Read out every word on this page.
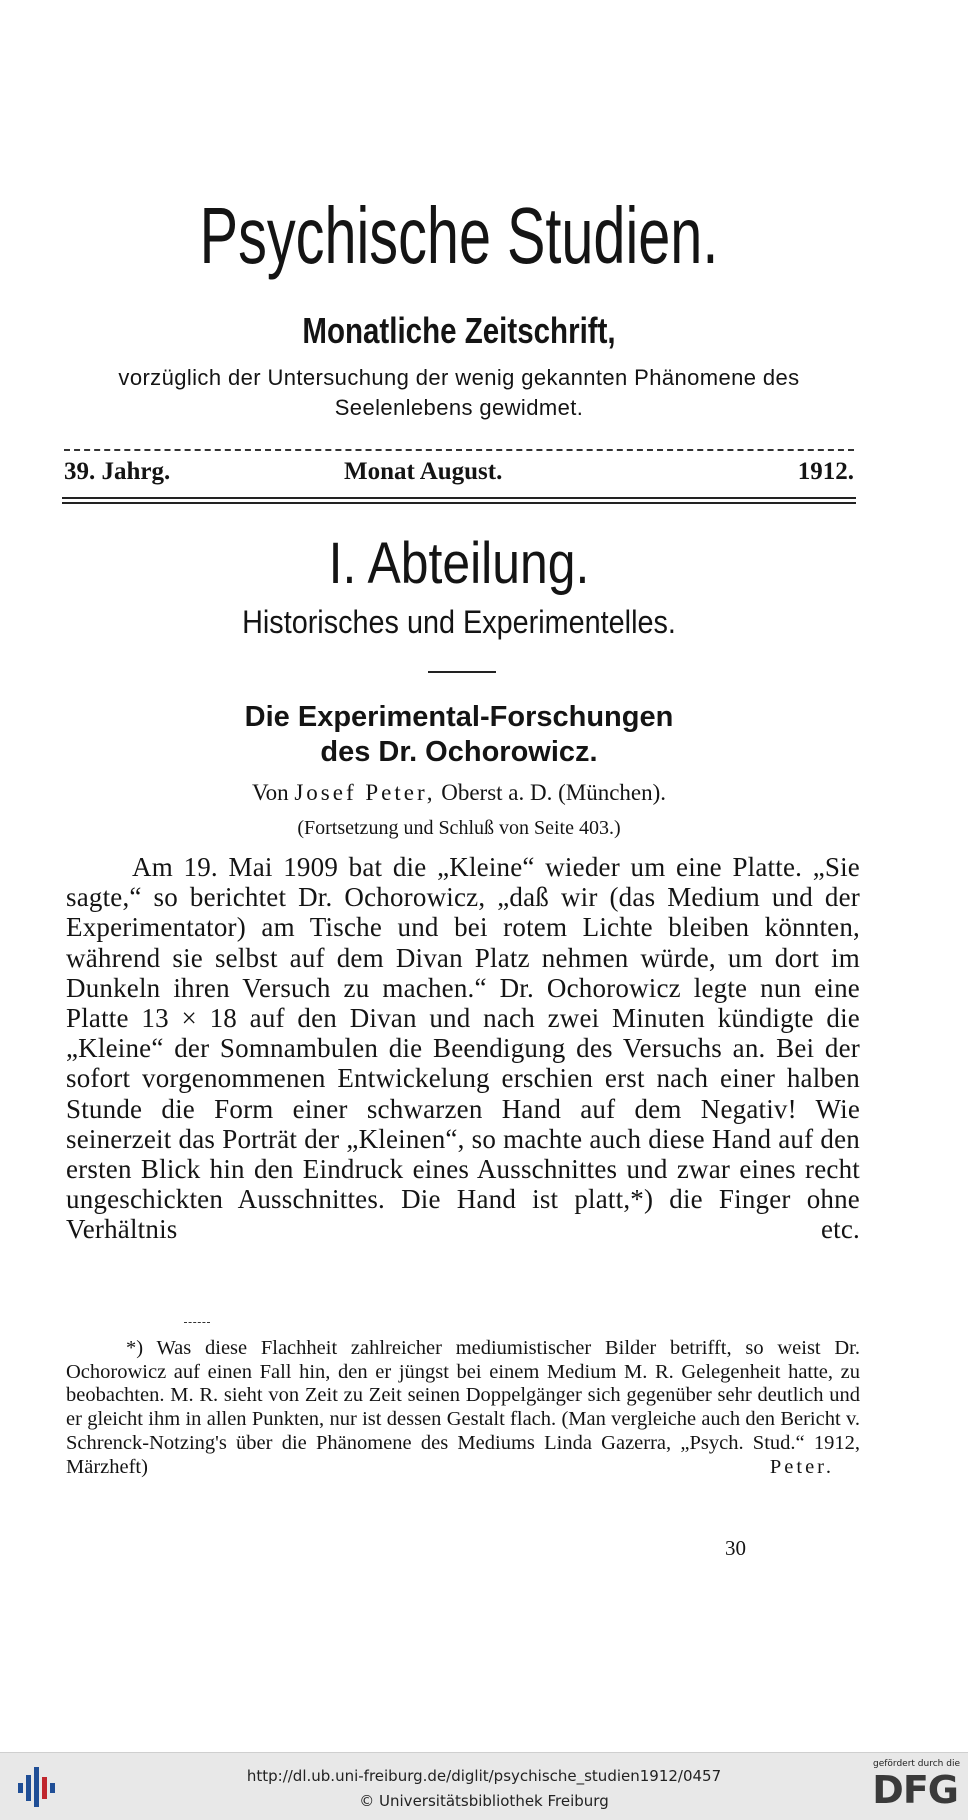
Psychische Studien.
Monatliche Zeitschrift,
vorzüglich der Untersuchung der wenig gekannten Phänomene des
Seelenlebens gewidmet.
39. Jahrg.	Monat August.	1912.
I. Abteilung.
Historisches und Experimentelles.
Die Experimental-Forschungen
des Dr. Ochorowicz.
Von Josef Peter, Oberst a. D. (München).
(Fortsetzung und Schluß von Seite 403.)

Am 19. Mai 1909 bat die „Kleine“ wieder um eine Platte. „Sie sagte,“ so berichtet Dr. Ochorowicz, „daß wir (das Medium und der Experimentator) am Tische und bei rotem Lichte bleiben könnten, während sie selbst auf dem Divan Platz nehmen würde, um dort im Dunkeln ihren Versuch zu machen.“ Dr. Ochorowicz legte nun eine Platte 13 × 18 auf den Divan und nach zwei Minuten kündigte die „Kleine“ der Somnambulen die Beendigung des Versuchs an. Bei der sofort vorgenommenen Entwickelung erschien erst nach einer halben Stunde die Form einer schwarzen Hand auf dem Negativ! Wie seinerzeit das Porträt der „Kleinen“, so machte auch diese Hand auf den ersten Blick hin den Eindruck eines Ausschnittes und zwar eines recht ungeschickten Ausschnittes. Die Hand ist platt,*) die Finger ohne Verhältnis etc.

*) Was diese Flachheit zahlreicher mediumistischer Bilder betrifft, so weist Dr. Ochorowicz auf einen Fall hin, den er jüngst bei einem Medium M. R. Gelegenheit hatte, zu beobachten. M. R. sieht von Zeit zu Zeit seinen Doppelgänger sich gegenüber sehr deutlich und er gleicht ihm in allen Punkten, nur ist dessen Gestalt flach. (Man vergleiche auch den Bericht v. Schrenck-Notzing's über die Phänomene des Mediums Linda Gazerra, „Psych. Stud.“ 1912, Märzheft)	Peter.
30
http://dl.ub.uni-freiburg.de/diglit/psychische_studien1912/0457
© Universitätsbibliothek Freiburg
gefördert durch die
DFG
